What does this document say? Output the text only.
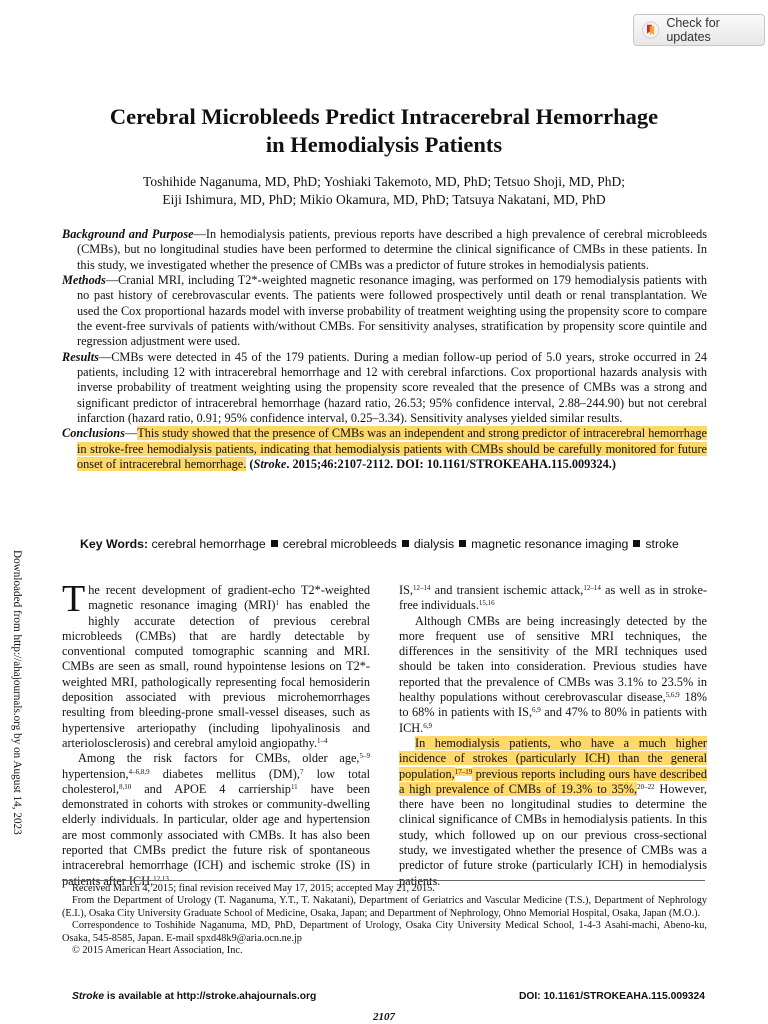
Check for updates
Cerebral Microbleeds Predict Intracerebral Hemorrhage
in Hemodialysis Patients
Toshihide Naganuma, MD, PhD; Yoshiaki Takemoto, MD, PhD; Tetsuo Shoji, MD, PhD;
Eiji Ishimura, MD, PhD; Mikio Okamura, MD, PhD; Tatsuya Nakatani, MD, PhD

Background and Purpose—In hemodialysis patients, previous reports have described a high prevalence of cerebral microbleeds (CMBs), but no longitudinal studies have been performed to determine the clinical significance of CMBs in these patients. In this study, we investigated whether the presence of CMBs was a predictor of future strokes in hemodialysis patients.

Methods—Cranial MRI, including T2*-weighted magnetic resonance imaging, was performed on 179 hemodialysis patients with no past history of cerebrovascular events. The patients were followed prospectively until death or renal transplantation. We used the Cox proportional hazards model with inverse probability of treatment weighting using the propensity score to compare the event-free survivals of patients with/without CMBs. For sensitivity analyses, stratification by propensity score quintile and regression adjustment were used.

Results—CMBs were detected in 45 of the 179 patients. During a median follow-up period of 5.0 years, stroke occurred in 24 patients, including 12 with intracerebral hemorrhage and 12 with cerebral infarctions. Cox proportional hazards analysis with inverse probability of treatment weighting using the propensity score revealed that the presence of CMBs was a strong and significant predictor of intracerebral hemorrhage (hazard ratio, 26.53; 95% confidence interval, 2.88–244.90) but not cerebral infarction (hazard ratio, 0.91; 95% confidence interval, 0.25–3.34). Sensitivity analyses yielded similar results.

Conclusions—This study showed that the presence of CMBs was an independent and strong predictor of intracerebral hemorrhage in stroke-free hemodialysis patients, indicating that hemodialysis patients with CMBs should be carefully monitored for future onset of intracerebral hemorrhage. (Stroke. 2015;46:2107-2112. DOI: 10.1161/STROKEAHA.115.009324.)

Key Words: cerebral hemorrhage cerebral microbleeds dialysis magnetic resonance imaging stroke
Downloaded from http://ahajournals.org by on August 14, 2023 The recent development of gradient-echo T2*-weighted magnetic resonance imaging (MRI)$^1$ has enabled the highly accurate detection of previous cerebral microbleeds (CMBs) that are hardly detectable by conventional computed tomographic scanning and MRI. CMBs are seen as small, round hypointense lesions on T2*-weighted MRI, pathologically representing focal hemosiderin deposition associated with previous microhemorrhages resulting from bleeding-prone small-vessel diseases, such as hypertensive arteriopathy (including lipohyalinosis and arteriolosclerosis) and cerebral amyloid angiopathy.$^{1-4}$

Among the risk factors for CMBs, older age,$^{5-9}$ hypertension,$^{4-6,8,9}$ diabetes mellitus (DM),$^7$ low total cholesterol,$^{8,10}$ and APOE 4 carriership$^{11}$ have been demonstrated in cohorts with strokes or community-dwelling elderly individuals. In particular, older age and hypertension are most commonly associated with CMBs. It has also been reported that CMBs predict the future risk of spontaneous intracerebral hemorrhage (ICH) and ischemic stroke (IS) in patients after ICH,$^{12,13}$

IS,$^{12-14}$ and transient ischemic attack,$^{12-14}$ as well as in stroke-free individuals.$^{15,16}$

Although CMBs are being increasingly detected by the more frequent use of sensitive MRI techniques, the differences in the sensitivity of the MRI techniques used should be taken into consideration. Previous studies have reported that the prevalence of CMBs was 3.1% to 23.5% in healthy populations without cerebrovascular disease,$^{5,6,9}$ 18% to 68% in patients with IS,$^{6,9}$ and 47% to 80% in patients with ICH.$^{6,9}$

In hemodialysis patients, who have a much higher incidence of strokes (particularly ICH) than the general population,$^{17-19}$ previous reports including ours have described a high prevalence of CMBs of 19.3% to 35%,$^{20-22}$ However, there have been no longitudinal studies to determine the clinical significance of CMBs in hemodialysis patients. In this study, which followed up on our previous cross-sectional study, we investigated whether the presence of CMBs was a predictor of future stroke (particularly ICH) in hemodialysis patients.

Received March 4, 2015; final revision received May 17, 2015; accepted May 21, 2015.

From the Department of Urology (T. Naganuma, Y.T., T. Nakatani), Department of Geriatrics and Vascular Medicine (T.S.), Department of Nephrology (E.I.), Osaka City University Graduate School of Medicine, Osaka, Japan; and Department of Nephrology, Ohno Memorial Hospital, Osaka, Japan (M.O.).

Correspondence to Toshihide Naganuma, MD, PhD, Department of Urology, Osaka City University Medical School, 1-4-3 Asahi-machi, Abeno-ku, Osaka, 545-8585, Japan. E-mail spxd48k9@aria.ocn.ne.jp

© 2015 American Heart Association, Inc.

Stroke is available at http://stroke.ahajournals.org	DOI: 10.1161/STROKEAHA.115.009324
2107
